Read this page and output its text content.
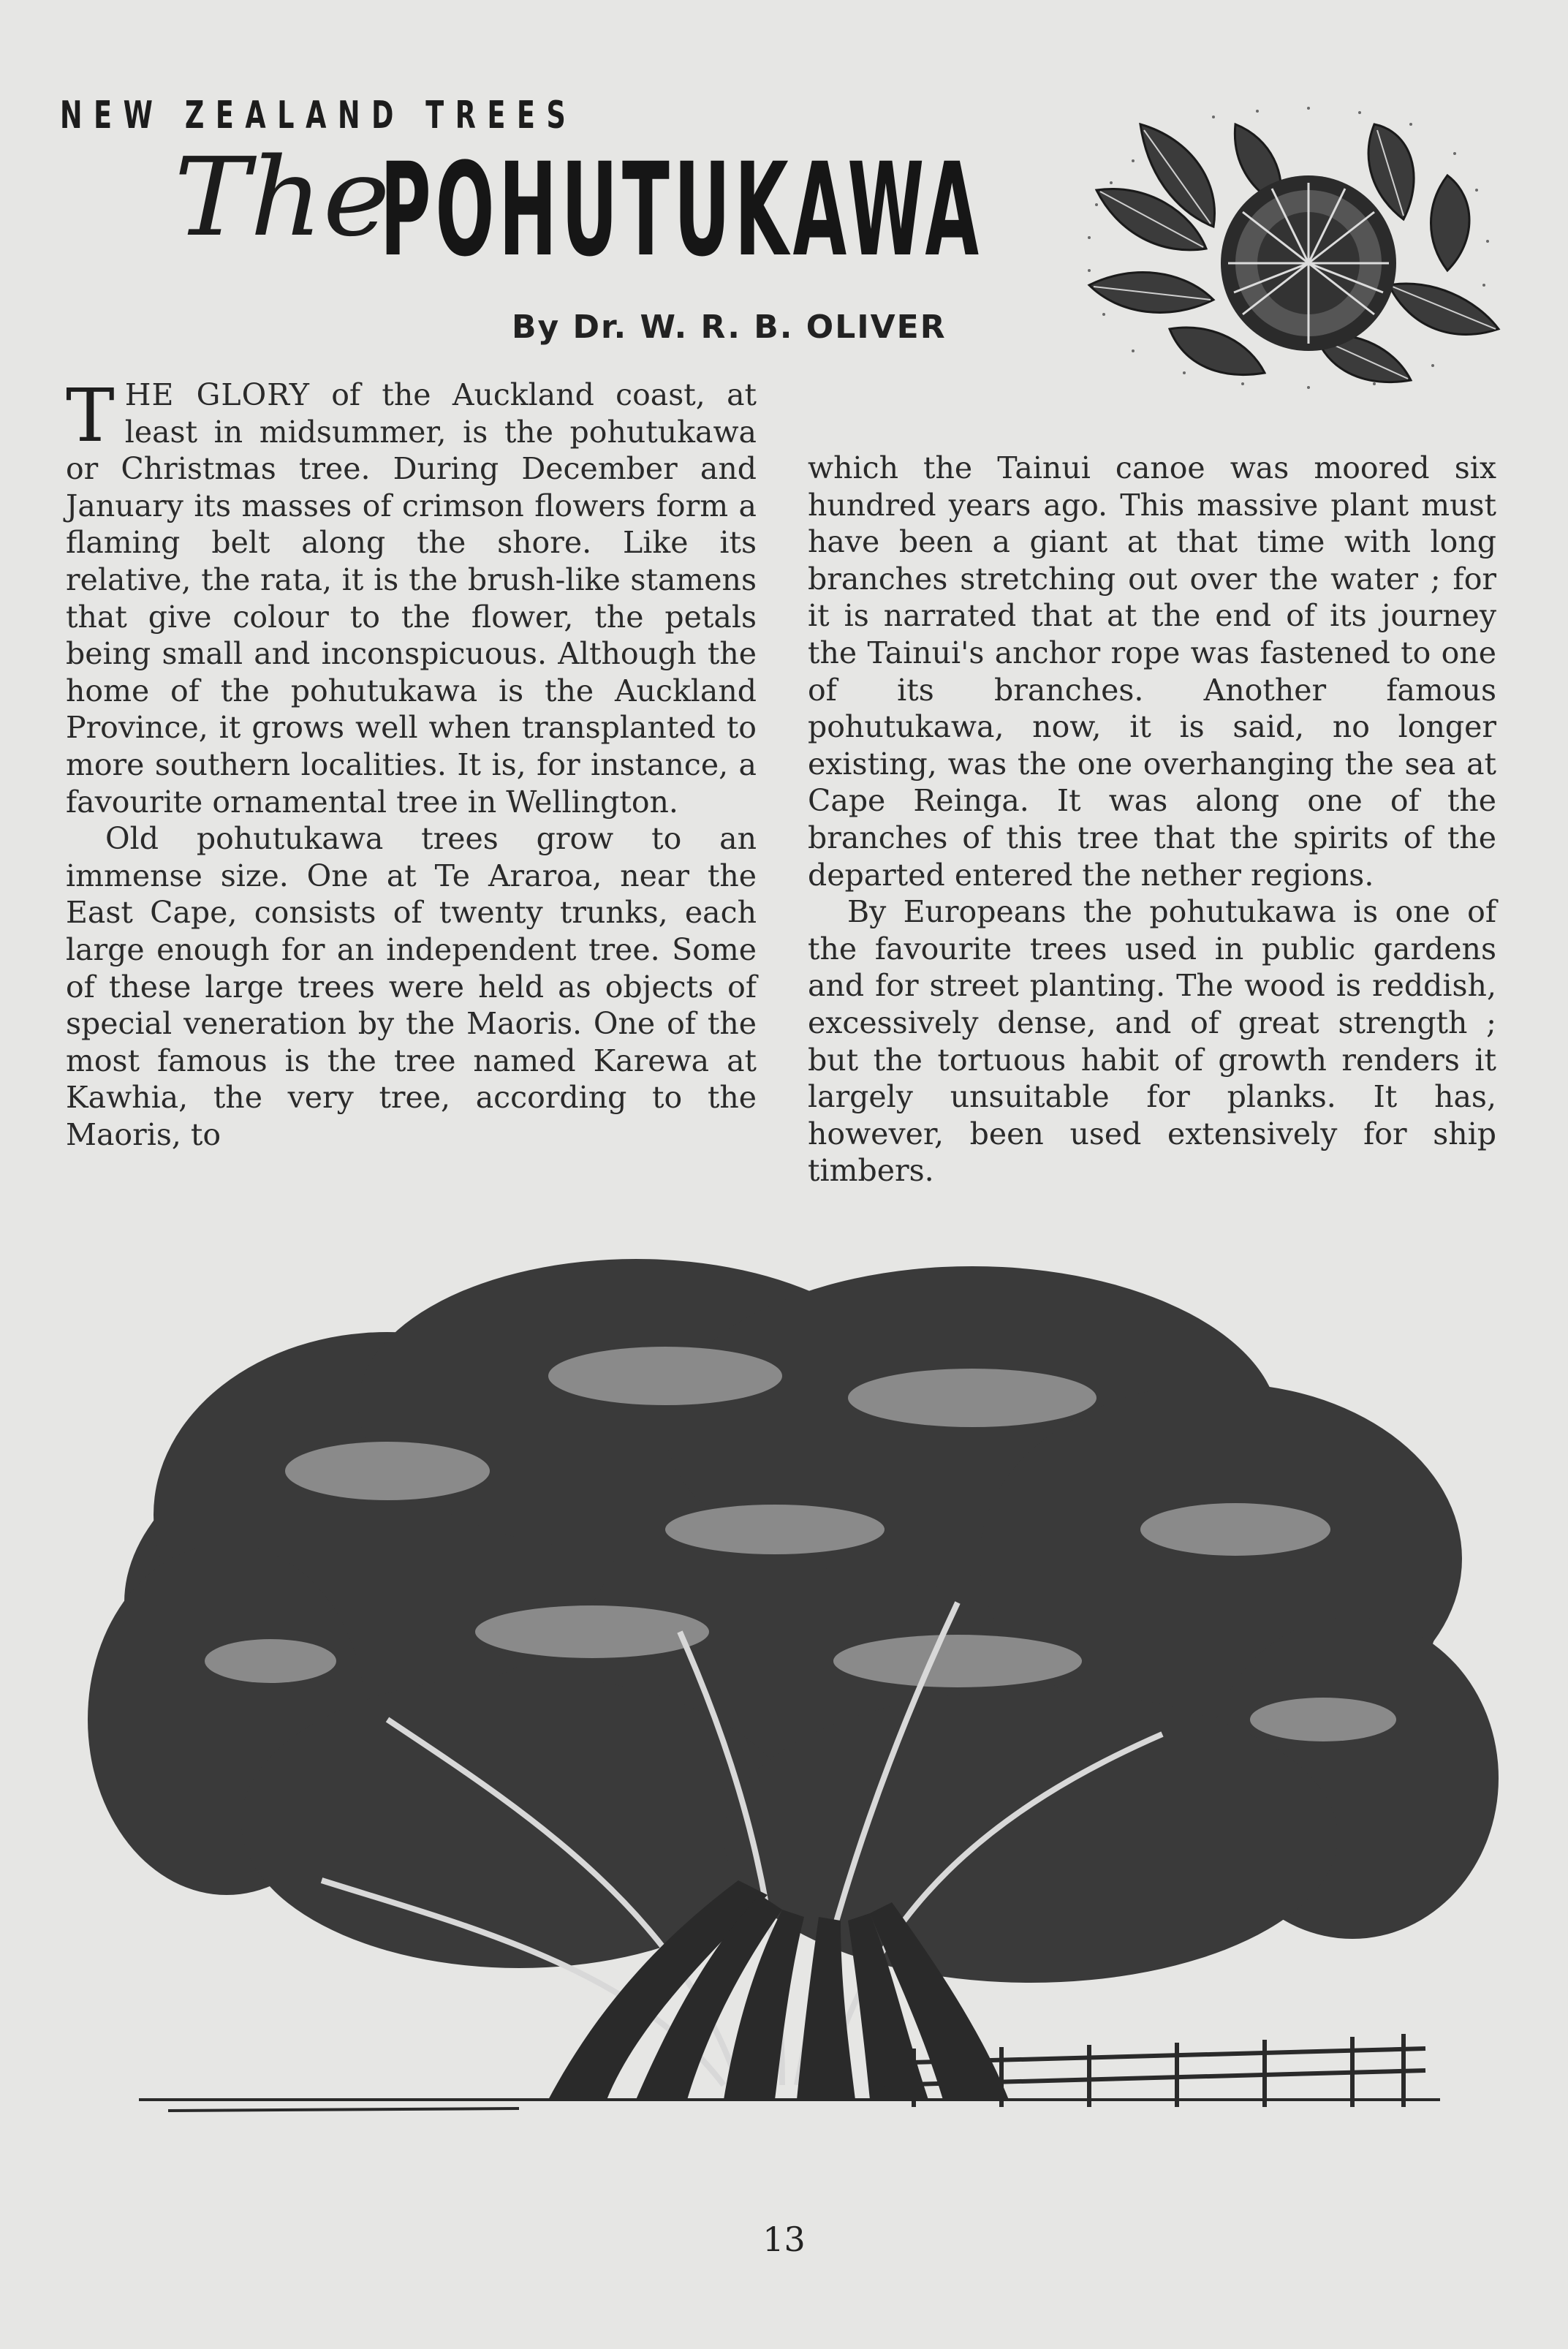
NEW ZEALAND TREES
The
POHUTUKAWA
By Dr. W. R. B. OLIVER

THE GLORY of the Auckland coast, at least in midsummer, is the pohutukawa or Christmas tree. During December and January its masses of crimson flowers form a flaming belt along the shore. Like its relative, the rata, it is the brush-like stamens that give colour to the flower, the petals being small and inconspicuous. Although the home of the pohutukawa is the Auckland Province, it grows well when transplanted to more southern localities. It is, for instance, a favourite ornamental tree in Wellington.

Old pohutukawa trees grow to an immense size. One at Te Araroa, near the East Cape, consists of twenty trunks, each large enough for an independent tree. Some of these large trees were held as objects of special veneration by the Maoris. One of the most famous is the tree named Karewa at Kawhia, the very tree, according to the Maoris, to

which the Tainui canoe was moored six hundred years ago. This massive plant must have been a giant at that time with long branches stretching out over the water ; for it is narrated that at the end of its journey the Tainui's anchor rope was fastened to one of its branches. Another famous pohutukawa, now, it is said, no longer existing, was the one overhanging the sea at Cape Reinga. It was along one of the branches of this tree that the spirits of the departed entered the nether regions.

By Europeans the pohutukawa is one of the favourite trees used in public gardens and for street planting. The wood is reddish, excessively dense, and of great strength ; but the tortuous habit of growth renders it largely unsuitable for planks. It has, however, been used extensively for ship timbers.

13
